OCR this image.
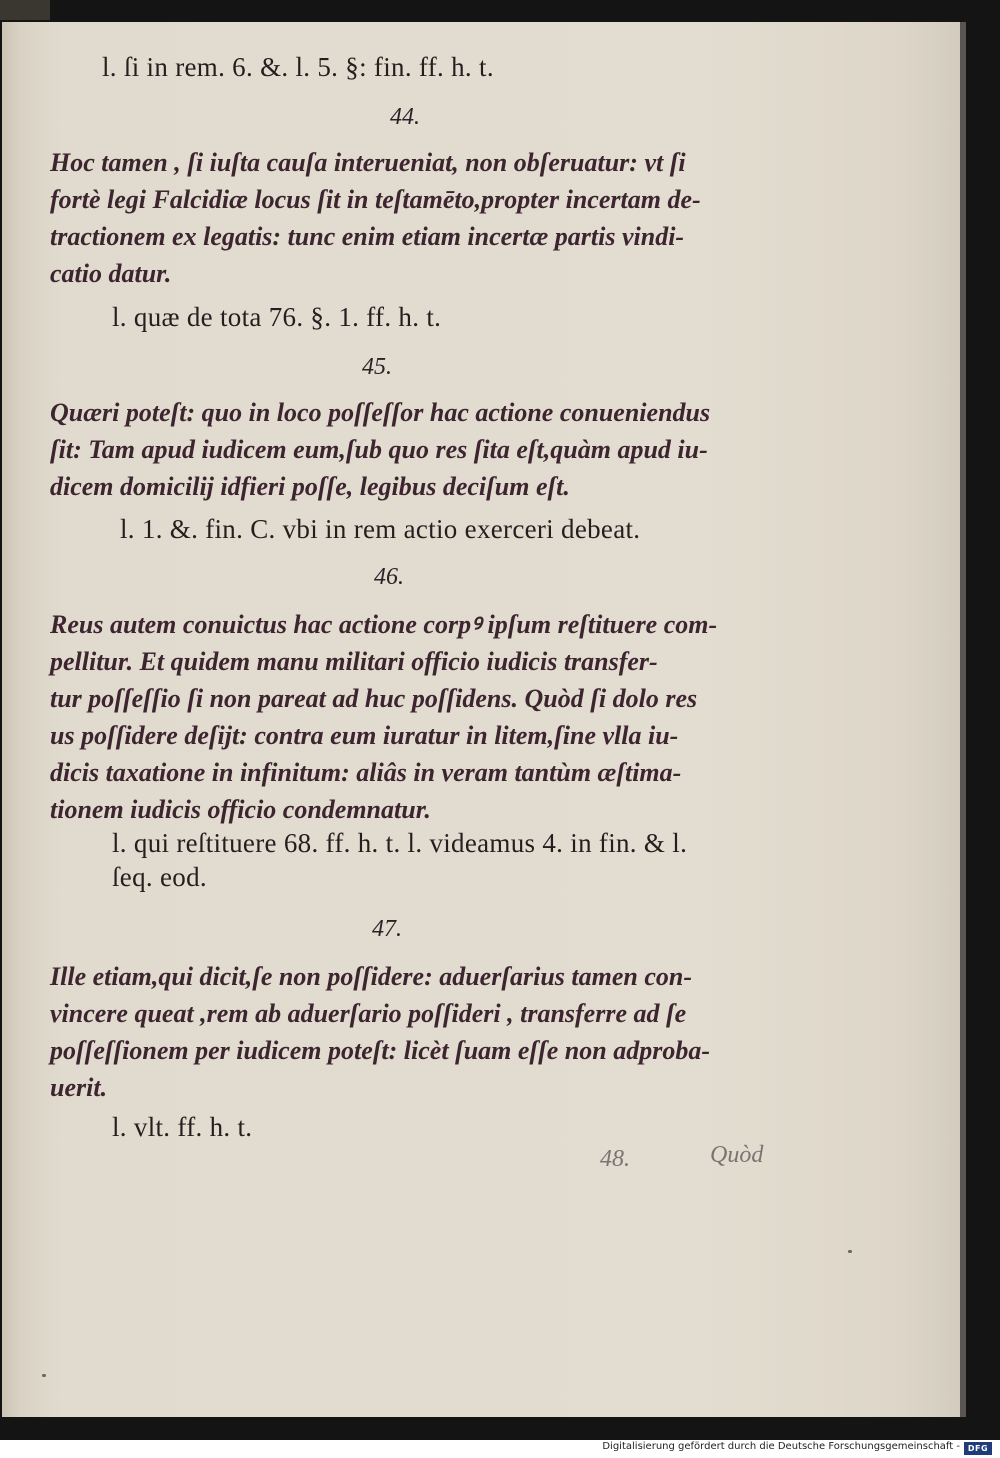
l. ſi in rem. 6. &. l. 5. §: fin. ff. h. t.
44.
Hoc tamen , ſi iuſta cauſa interueniat, non obſeruatur: vt ſi
fortè legi Falcidiæ locus ſit in teſtamēto,propter incertam de-
tractionem ex legatis: tunc enim etiam incertæ partis vindi-
catio datur.
l. quæ de tota 76. §. 1. ff. h. t.
45.
Quæri poteſt: quo in loco poſſeſſor hac actione conueniendus
ſit: Tam apud iudicem eum,ſub quo res ſita eſt,quàm apud iu-
dicem domicilij idfieri poſſe, legibus deciſum eſt.
l. 1. &. fin. C. vbi in rem actio exerceri debeat.
46.
Reus autem conuictus hac actione corpꝰ ipſum reſtituere com-
pellitur. Et quidem manu militari officio iudicis transfer-
tur poſſeſſio ſi non pareat ad huc poſſidens. Quòd ſi dolo res
us poſſidere deſijt: contra eum iuratur in litem,ſine vlla iu-
dicis taxatione in infinitum: aliâs in veram tantùm æſtima-
tionem iudicis officio condemnatur.
l. qui reſtituere 68. ff. h. t. l. videamus 4. in fin. & l.
ſeq. eod.
47.
Ille etiam,qui dicit,ſe non poſſidere: aduerſarius tamen con-
vincere queat ,rem ab aduerſario poſſideri , transferre ad ſe
poſſeſſionem per iudicem poteſt: licèt ſuam eſſe non adproba-
uerit.
l. vlt. ff. h. t.
48.	Quòd
Digitalisierung gefördert durch die Deutsche Forschungsgemeinschaft - DFG
